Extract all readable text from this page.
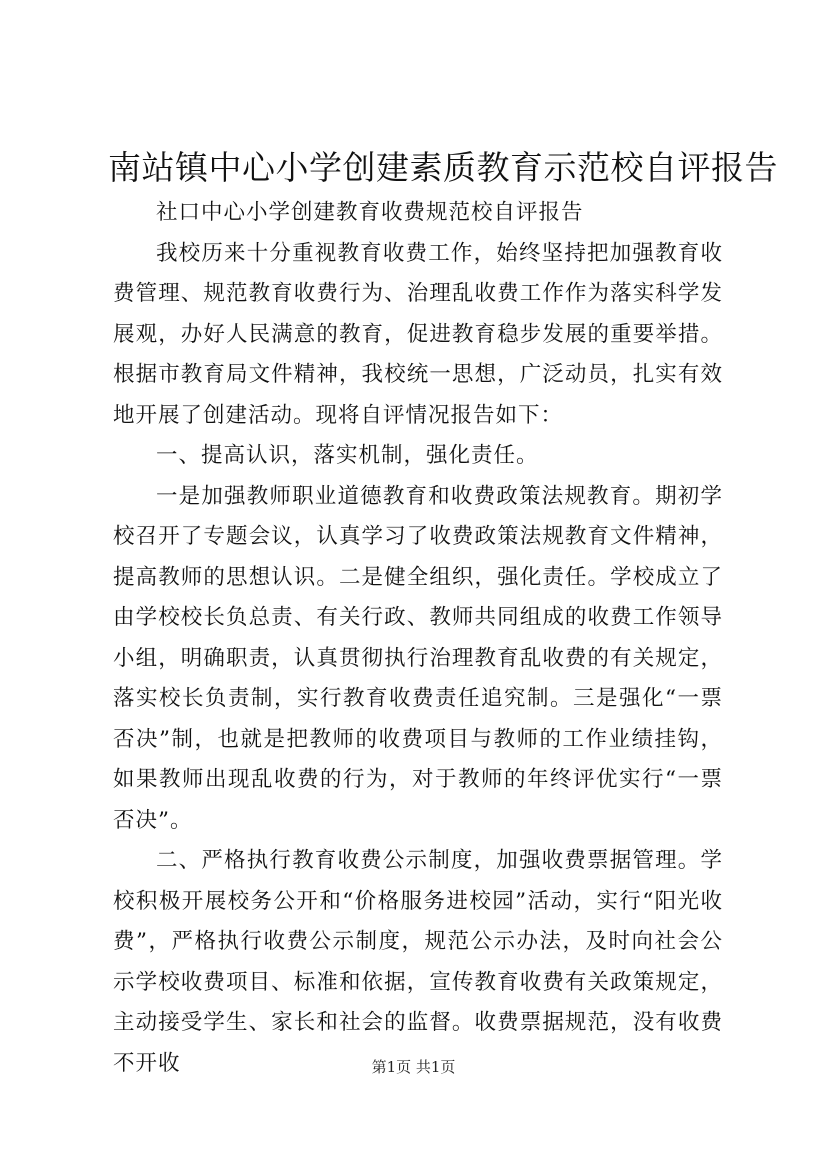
南站镇中心小学创建素质教育示范校自评报告

社口中心小学创建教育收费规范校自评报告

我校历来十分重视教育收费工作，始终坚持把加强教育收费管理、规范教育收费行为、治理乱收费工作作为落实科学发展观，办好人民满意的教育，促进教育稳步发展的重要举措。根据市教育局文件精神，我校统一思想，广泛动员，扎实有效地开展了创建活动。现将自评情况报告如下：

一、提高认识，落实机制，强化责任。

一是加强教师职业道德教育和收费政策法规教育。期初学校召开了专题会议，认真学习了收费政策法规教育文件精神，提高教师的思想认识。二是健全组织，强化责任。学校成立了由学校校长负总责、有关行政、教师共同组成的收费工作领导小组，明确职责，认真贯彻执行治理教育乱收费的有关规定，落实校长负责制，实行教育收费责任追究制。三是强化“一票否决”制，也就是把教师的收费项目与教师的工作业绩挂钩，如果教师出现乱收费的行为，对于教师的年终评优实行“一票否决”。

二、严格执行教育收费公示制度，加强收费票据管理。学校积极开展校务公开和“价格服务进校园”活动，实行“阳光收费”，严格执行收费公示制度，规范公示办法，及时向社会公示学校收费项目、标准和依据，宣传教育收费有关政策规定，主动接受学生、家长和社会的监督。收费票据规范，没有收费不开收	第1页 共1页
